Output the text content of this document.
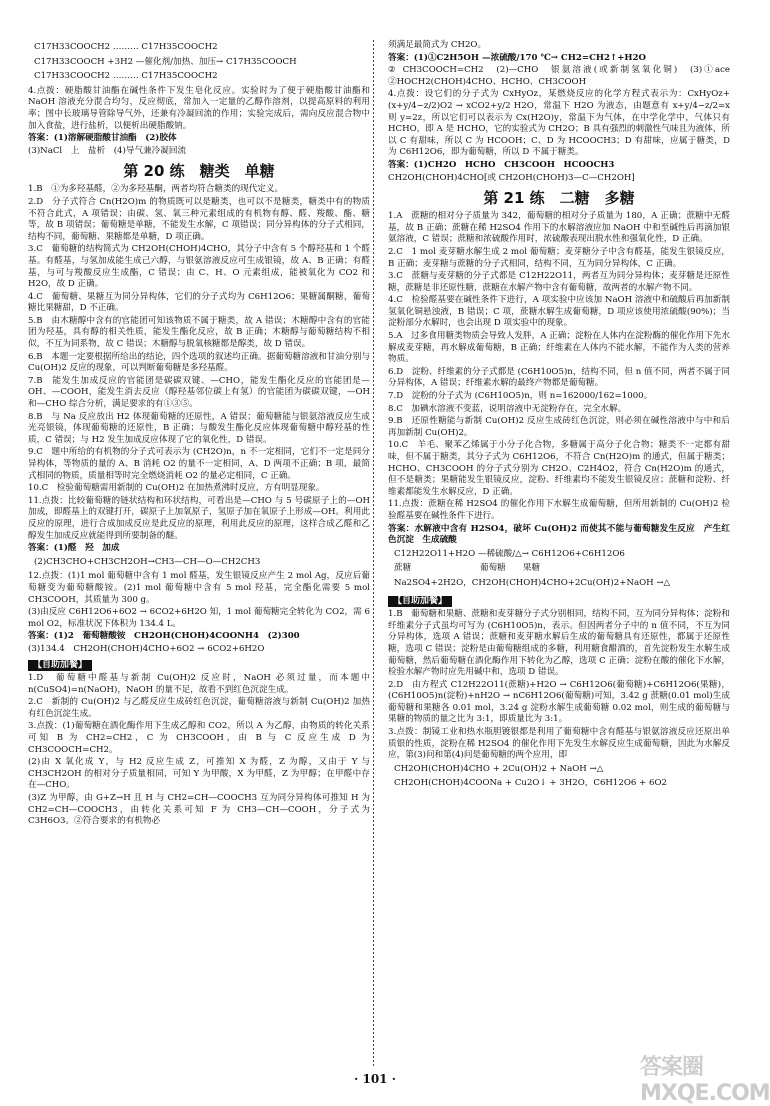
C17H33COOCH2 ……… C17H35COOCH2

C17H33COOCH +3H2 —催化剂/加热、加压→ C17H35COOCH

C17H33COOCH2 ……… C17H35COOCH2

4.点拨：硬脂酸甘油酯在碱性条件下发生皂化反应。实验时为了便于硬脂酸甘油酯和 NaOH 溶液充分混合均匀，反应彻底，常加入一定量的乙醇作溶剂，以提高原料的利用率；图中长玻璃导管除导气外，还兼有冷凝回流的作用；实验完成后，需向反应混合物中加入食盐，进行盐析，以便析出硬脂酸钠。

答案：(1)溶解硬脂酸甘油酯　(2)胶体

(3)NaCl　上　盐析　(4)导气兼冷凝回流

第 20 练　糖类　单糖

1.B　①为多羟基醛，②为多羟基酮，两者均符合糖类的现代定义。

2.D　分子式符合 Cn(H2O)m 的物质既可以是糖类，也可以不是糖类，糖类中有的物质不符合此式，A 项错误；由碳、氢、氧三种元素组成的有机物有醇、醛、羧酸、酯、糖等，故 B 项错误；葡萄糖是单糖，不能发生水解，C 项错误；同分异构体的分子式相同，结构不同，葡萄糖、果糖都是单糖，D 项正确。

3.C　葡萄糖的结构简式为 CH2OH(CHOH)4CHO，其分子中含有 5 个醇羟基和 1 个醛基。有醛基，与氢加成能生成己六醇，与银氨溶液反应可生成银镜，故 A、B 正确；有醛基，与可与羧酸反应生成酯，C 错误；由 C、H、O 元素组成，能被氧化为 CO2 和 H2O，故 D 正确。

4.C　葡萄糖、果糖互为同分异构体，它们的分子式均为 C6H12O6；果糖属酮糖，葡萄糖比果糖甜，D 不正确。

5.B　由木糖醇中含有的官能团可知该物质不属于糖类，故 A 错误；木糖醇中含有的官能团为羟基，具有醇的相关性质，能发生酯化反应，故 B 正确；木糖醇与葡萄糖结构不相似，不互为同系物，故 C 错误；木糖醇与脱氧核糖都是醇类，故 D 错误。

6.B　本题一定要根据所给出的结论，四个选项的叙述均正确。据葡萄糖溶液和甘油分别与 Cu(OH)2 反应的现象，可以判断葡萄糖是多羟基醛。

7.B　能发生加成反应的官能团是碳碳双键、—CHO，能发生酯化反应的官能团是—OH、—COOH，能发生消去反应（醇羟基邻位碳上有氢）的官能团为碳碳双键，—OH 和—CHO 综合分析，满足要求的有①③⑤。

8.B　与 Na 反应放出 H2 体现葡萄糖的还原性，A 错误；葡萄糖能与银氨溶液反应生成光亮银镜，体现葡萄糖的还原性，B 正确；与酸发生酯化反应体现葡萄糖中醇羟基的性质，C 错误；与 H2 发生加成反应体现了它的氧化性，D 错误。

9.C　题中所给的有机物的分子式可表示为 (CH2O)n，n 不一定相同，它们不一定是同分异构体，等物质的量的 A、B 消耗 O2 的量不一定相同，A、D 两项不正确；B 项，最简式相同的物质，质量相等时完全燃烧消耗 O2 的量必定相同，C 正确。

10.C　检验葡萄糖需用新制的 Cu(OH)2 在加热煮沸时反应，方有明显现象。

11.点拨：比较葡萄糖的链状结构和环状结构，可看出是—CHO 与 5 号碳原子上的—OH 加成，即醛基上的双键打开，碳原子上加氧原子，氢原子加在氧原子上形成—OH。利用此反应的原理，进行合成加成反应是此反应的原理，利用此反应的原理，这样合成乙醛和乙醇发生加成反应就能得到所要制备的醚。

答案：(1)醛　羟　加成

(2)CH3CHO+CH3CH2OH→CH3—CH—O—CH2CH3

12.点拨：(1)1 mol 葡萄糖中含有 1 mol 醛基，发生银镜反应产生 2 mol Ag，反应后葡萄糖变为葡萄糖酸铵。(2)1 mol 葡萄糖中含有 5 mol 羟基，完全酯化需要 5 mol CH3COOH，其质量为 300 g。

(3)由反应 C6H12O6+6O2 → 6CO2+6H2O 知，1 mol 葡萄糖完全转化为 CO2，需 6 mol O2，标准状况下体积为 134.4 L。

答案：(1)2　葡萄糖酸铵　CH2OH(CHOH)4COONH4　(2)300

(3)134.4　CH2OH(CHOH)4CHO+6O2 → 6CO2+6H2O

【自助加餐】

1.D　葡萄糖中醛基与新制 Cu(OH)2 反应时，NaOH 必须过量，而本题中 n(CuSO4)=n(NaOH)，NaOH 的量不足，故看不到红色沉淀生成。

2.C　新制的 Cu(OH)2 与乙醛反应生成砖红色沉淀，葡萄糖溶液与新制 Cu(OH)2 加热有红色沉淀生成。

3.点拨：(1)葡萄糖在酒化酶作用下生成乙醇和 CO2，所以 A 为乙醇，由物质的转化关系可知 B 为 CH2=CH2，C 为 CH3COOH，由 B 与 C 反应生成 D 为 CH3COOCH=CH2。

(2)由 X 氧化成 Y，与 H2 反应生成 Z，可推知 X 为醛，Z 为醇，又由于 Y 与 CH3CH2OH 的相对分子质量相同，可知 Y 为甲酸，X 为甲醛，Z 为甲醇；在甲醛中存在—CHO。

(3)Z 为甲醇，由 G+Z→H 且 H 与 CH2=CH—COOCH3 互为同分异构体可推知 H 为 CH2=CH—COOCH3，由转化关系可知 F 为 CH3—CH—COOH，分子式为 C3H6O3。②符合要求的有机物必

须满足最简式为 CH2O。

答案：(1)①C2H5OH —浓硫酸/170 ℃→ CH2=CH2↑+H2O

② CH3COOCH=CH2　(2)—CHO　银氨溶液(或新制氢氧化铜)　(3)①ace　②HOCH2(CHOH)4CHO、HCHO、CH3COOH

4.点拨：设它们的分子式为 CxHyOz，某燃烧反应的化学方程式表示为：CxHyOz+(x+y/4−z/2)O2 → xCO2+y/2 H2O，常温下 H2O 为液态，由题意有 x+y/4−z/2=x 则 y=2z，所以它们可以表示为 Cx(H2O)y，常温下为气体，在中学化学中，气体只有 HCHO，即 A 是 HCHO，它的实验式为 CH2O；B 具有强烈的刺激性气味且为液体，所以 C 有甜味，所以 C 为 HCOOH；C、D 为 HCOOCH3；D 有甜味，应属于糖类，D 为 C6H12O6，即为葡萄糖，所以 D 不属于糖类。

答案：(1)CH2O　HCHO　CH3COOH　HCOOCH3

CH2OH(CHOH)4CHO[或 CH2OH(CHOH)3—C—CH2OH]

第 21 练　二糖　多糖

1.A　蔗糖的相对分子质量为 342，葡萄糖的相对分子质量为 180，A 正确；蔗糖中无醛基，故 B 正确；蔗糖在稀 H2SO4 作用下的水解溶液应加 NaOH 中和至碱性后再滴加银氨溶液，C 错误；蔗糖和浓硫酸作用时，浓硫酸表现出脱水性和强氧化性，D 正确。

2.C　1 mol 麦芽糖水解生成 2 mol 葡萄糖；麦芽糖分子中含有醛基，能发生银镜反应，B 正确；麦芽糖与蔗糖的分子式相同，结构不同，互为同分异构体，C 正确。

3.C　蔗糖与麦芽糖的分子式都是 C12H22O11，两者互为同分异构体；麦芽糖是还原性糖，蔗糖是非还原性糖，蔗糖在水解产物中含有葡萄糖，故两者的水解产物不同。

4.C　检验醛基要在碱性条件下进行，A 项实验中应该加 NaOH 溶液中和硫酸后再加新制氢氧化铜悬浊液，B 错误；C 项，蔗糖水解生成葡萄糖，D 项应该使用浓硫酸(90%)；当淀粉部分水解时，也会出现 D 项实验中的现象。

5.A　过多食用糖类物质会导致人发胖，A 正确；淀粉在人体内在淀粉酶的催化作用下先水解成麦芽糖，再水解成葡萄糖，B 正确；纤维素在人体内不能水解，不能作为人类的营养物质。

6.D　淀粉、纤维素的分子式都是 (C6H10O5)n，结构不同，但 n 值不同，两者不属于同分异构体，A 错误；纤维素水解的最终产物都是葡萄糖。

7.D　淀粉的分子式为 (C6H10O5)n，则 n=162000/162=1000。

8.C　加碘水溶液不变蓝，说明溶液中无淀粉存在，完全水解。

9.B　还原性糖能与新制 Cu(OH)2 反应生成砖红色沉淀，则必须在碱性溶液中与中和后再加新制 Cu(OH)2。

10.C　羊毛、聚苯乙烯属于小分子化合物，多糖属于高分子化合物；糖类不一定都有甜味，但不属于糖类，其分子式为 C6H12O6，不符合 Cn(H2O)m 的通式，但属于糖类；HCHO、CH3COOH 的分子式分别为 CH2O、C2H4O2，符合 Cn(H2O)m 的通式，但不是糖类；果糖能发生银镜反应，淀粉、纤维素均不能发生银镜反应；蔗糖和淀粉、纤维素都能发生水解反应，D 正确。

11.点拨：蔗糖在稀 H2SO4 的催化作用下水解生成葡萄糖，但所用新制的 Cu(OH)2 检验醛基要在碱性条件下进行。

答案：水解液中含有 H2SO4，破坏 Cu(OH)2 而使其不能与葡萄糖发生反应　产生红色沉淀　生成硫酸

C12H22O11+H2O —稀硫酸/△→ C6H12O6+C6H12O6

蔗糖　　　　　　　　葡萄糖　　果糖

Na2SO4+2H2O，CH2OH(CHOH)4CHO+2Cu(OH)2+NaOH →△

【自助加餐】

1.B　葡萄糖和果糖、蔗糖和麦芽糖分子式分别相同，结构不同，互为同分异构体；淀粉和纤维素分子式虽均可写为 (C6H10O5)n，表示。但因两者分子中的 n 值不同，不互为同分异构体，选项 A 错误；蔗糖和麦芽糖水解后生成的葡萄糖具有还原性，都属于还原性糖，选项 C 错误；淀粉是由葡萄糖组成的多糖，利用糖食醋酒的，首先淀粉发生水解生成葡萄糖，然后葡萄糖在酒化酶作用下转化为乙醇，选项 C 正确；淀粉在酸的催化下水解，检验水解产物时应先用碱中和，选项 D 错误。

2.D　由方程式 C12H22O11(蔗糖)+H2O → C6H12O6(葡萄糖)+C6H12O6(果糖)，(C6H10O5)n(淀粉)+nH2O → nC6H12O6(葡萄糖)可知，3.42 g 蔗糖(0.01 mol)生成葡萄糖和果糖各 0.01 mol，3.24 g 淀粉水解生成葡萄糖 0.02 mol，则生成的葡萄糖与果糖的物质的量之比为 3:1，即质量比为 3:1。

3.点拨：制镜工业和热水瓶胆镀银都是利用了葡萄糖中含有醛基与银氨溶液反应还原出单质银的性质，淀粉在稀 H2SO4 的催化作用下先发生水解反应生成葡萄糖，因此为水解反应，第(3)问和第(4)问是葡萄糖的两个应用，即

CH2OH(CHOH)4CHO + 2Cu(OH)2 + NaOH →△

CH2OH(CHOH)4COONa + Cu2O↓ + 3H2O，C6H12O6 + 6O2

· 101 ·	答案圈 MXQE.COM
